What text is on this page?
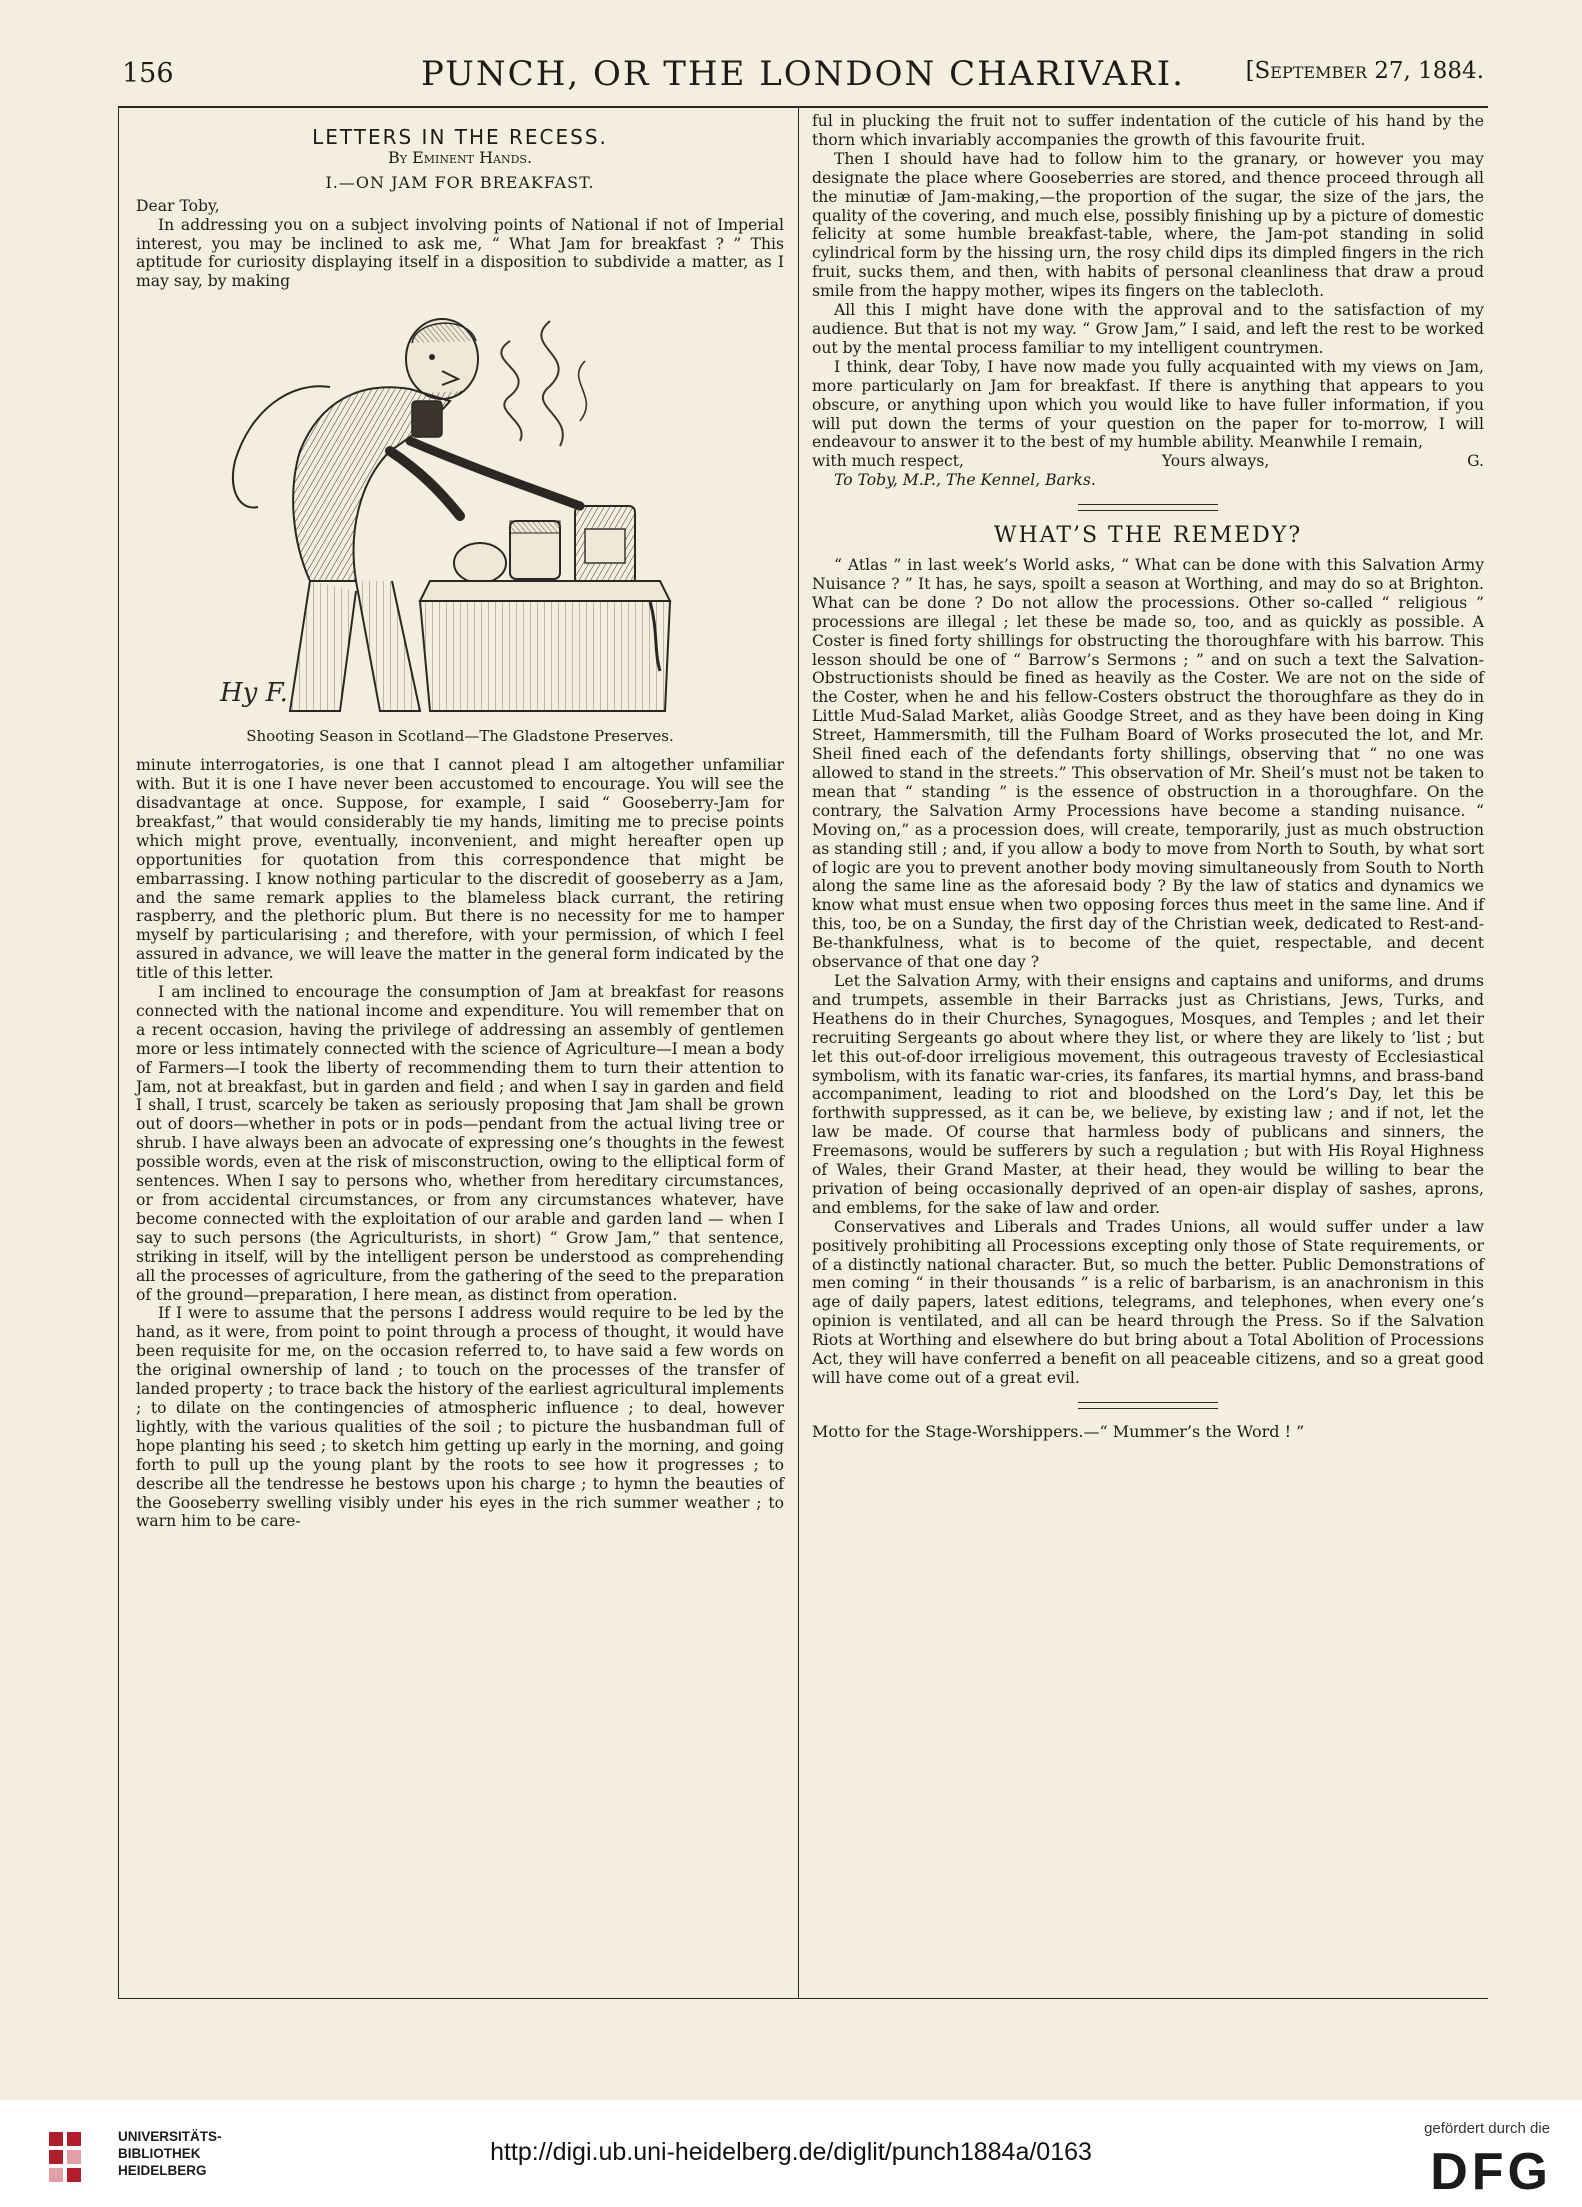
156	PUNCH, OR THE LONDON CHARIVARI.	[September 27, 1884.
LETTERS IN THE RECESS.
By Eminent Hands.
I.—ON JAM FOR BREAKFAST.

Dear Toby,

In addressing you on a subject involving points of National if not of Imperial interest, you may be inclined to ask me, “ What Jam for breakfast ? ” This aptitude for curiosity displaying itself in a disposition to subdivide a matter, as I may say, by making

Hy F.
Shooting Season in Scotland—The Gladstone Preserves.

minute interrogatories, is one that I cannot plead I am altogether unfamiliar with. But it is one I have never been accustomed to encourage. You will see the disadvantage at once. Suppose, for example, I said “ Gooseberry-Jam for breakfast,” that would considerably tie my hands, limiting me to precise points which might prove, eventually, inconvenient, and might hereafter open up opportunities for quotation from this correspondence that might be embarrassing. I know nothing particular to the discredit of gooseberry as a Jam, and the same remark applies to the blameless black currant, the retiring raspberry, and the plethoric plum. But there is no necessity for me to hamper myself by particularising ; and therefore, with your permission, of which I feel assured in advance, we will leave the matter in the general form indicated by the title of this letter.

I am inclined to encourage the consumption of Jam at breakfast for reasons connected with the national income and expenditure. You will remember that on a recent occasion, having the privilege of addressing an assembly of gentlemen more or less intimately connected with the science of Agriculture—I mean a body of Farmers—I took the liberty of recommending them to turn their attention to Jam, not at breakfast, but in garden and field ; and when I say in garden and field I shall, I trust, scarcely be taken as seriously proposing that Jam shall be grown out of doors—whether in pots or in pods—pendant from the actual living tree or shrub. I have always been an advocate of expressing one’s thoughts in the fewest possible words, even at the risk of misconstruction, owing to the elliptical form of sentences. When I say to persons who, whether from hereditary circumstances, or from accidental circumstances, or from any circumstances whatever, have become connected with the exploitation of our arable and garden land — when I say to such persons (the Agriculturists, in short) “ Grow Jam,” that sentence, striking in itself, will by the intelligent person be understood as comprehending all the processes of agriculture, from the gathering of the seed to the preparation of the ground—preparation, I here mean, as distinct from operation.

If I were to assume that the persons I address would require to be led by the hand, as it were, from point to point through a process of thought, it would have been requisite for me, on the occasion referred to, to have said a few words on the original ownership of land ; to touch on the processes of the transfer of landed property ; to trace back the history of the earliest agricultural implements ; to dilate on the contingencies of atmospheric influence ; to deal, however lightly, with the various qualities of the soil ; to picture the husbandman full of hope planting his seed ; to sketch him getting up early in the morning, and going forth to pull up the young plant by the roots to see how it progresses ; to describe all the tendresse he bestows upon his charge ; to hymn the beauties of the Gooseberry swelling visibly under his eyes in the rich summer weather ; to warn him to be care-

ful in plucking the fruit not to suffer indentation of the cuticle of his hand by the thorn which invariably accompanies the growth of this favourite fruit.

Then I should have had to follow him to the granary, or however you may designate the place where Gooseberries are stored, and thence proceed through all the minutiæ of Jam-making,—the proportion of the sugar, the size of the jars, the quality of the covering, and much else, possibly finishing up by a picture of domestic felicity at some humble breakfast-table, where, the Jam-pot standing in solid cylindrical form by the hissing urn, the rosy child dips its dimpled fingers in the rich fruit, sucks them, and then, with habits of personal cleanliness that draw a proud smile from the happy mother, wipes its fingers on the tablecloth.

All this I might have done with the approval and to the satisfaction of my audience. But that is not my way. “ Grow Jam,” I said, and left the rest to be worked out by the mental process familiar to my intelligent countrymen.

I think, dear Toby, I have now made you fully acquainted with my views on Jam, more particularly on Jam for breakfast. If there is anything that appears to you obscure, or anything upon which you would like to have fuller information, if you will put down the terms of your question on the paper for to-morrow, I will endeavour to answer it to the best of my humble ability. Meanwhile I remain,

with much respect,	Yours always,	G.

To Toby, M.P., The Kennel, Barks.

WHAT’S THE REMEDY?

“ Atlas ” in last week’s World asks, “ What can be done with this Salvation Army Nuisance ? ” It has, he says, spoilt a season at Worthing, and may do so at Brighton. What can be done ? Do not allow the processions. Other so-called “ religious ” processions are illegal ; let these be made so, too, and as quickly as possible. A Coster is fined forty shillings for obstructing the thoroughfare with his barrow. This lesson should be one of “ Barrow’s Sermons ; ” and on such a text the Salvation-Obstructionists should be fined as heavily as the Coster. We are not on the side of the Coster, when he and his fellow-Costers obstruct the thoroughfare as they do in Little Mud-Salad Market, aliàs Goodge Street, and as they have been doing in King Street, Hammersmith, till the Fulham Board of Works prosecuted the lot, and Mr. Sheil fined each of the defendants forty shillings, observing that “ no one was allowed to stand in the streets.” This observation of Mr. Sheil’s must not be taken to mean that “ standing ” is the essence of obstruction in a thoroughfare. On the contrary, the Salvation Army Processions have become a standing nuisance. “ Moving on,” as a procession does, will create, temporarily, just as much obstruction as standing still ; and, if you allow a body to move from North to South, by what sort of logic are you to prevent another body moving simultaneously from South to North along the same line as the aforesaid body ? By the law of statics and dynamics we know what must ensue when two opposing forces thus meet in the same line. And if this, too, be on a Sunday, the first day of the Christian week, dedicated to Rest-and-Be-thankfulness, what is to become of the quiet, respectable, and decent observance of that one day ?

Let the Salvation Army, with their ensigns and captains and uniforms, and drums and trumpets, assemble in their Barracks just as Christians, Jews, Turks, and Heathens do in their Churches, Synagogues, Mosques, and Temples ; and let their recruiting Sergeants go about where they list, or where they are likely to ’list ; but let this out-of-door irreligious movement, this outrageous travesty of Ecclesiastical symbolism, with its fanatic war-cries, its fanfares, its martial hymns, and brass-band accompaniment, leading to riot and bloodshed on the Lord’s Day, let this be forthwith suppressed, as it can be, we believe, by existing law ; and if not, let the law be made. Of course that harmless body of publicans and sinners, the Freemasons, would be sufferers by such a regulation ; but with His Royal Highness of Wales, their Grand Master, at their head, they would be willing to bear the privation of being occasionally deprived of an open-air display of sashes, aprons, and emblems, for the sake of law and order.

Conservatives and Liberals and Trades Unions, all would suffer under a law positively prohibiting all Processions excepting only those of State requirements, or of a distinctly national character. But, so much the better. Public Demonstrations of men coming “ in their thousands ” is a relic of barbarism, is an anachronism in this age of daily papers, latest editions, telegrams, and telephones, when every one’s opinion is ventilated, and all can be heard through the Press. So if the Salvation Riots at Worthing and elsewhere do but bring about a Total Abolition of Processions Act, they will have conferred a benefit on all peaceable citizens, and so a great good will have come out of a great evil.

Motto for the Stage-Worshippers.—“ Mummer’s the Word ! ”

UNIVERSITÄTS-
BIBLIOTHEK
HEIDELBERG
http://digi.ub.uni-heidelberg.de/diglit/punch1884a/0163
gefördert durch die
DFG
